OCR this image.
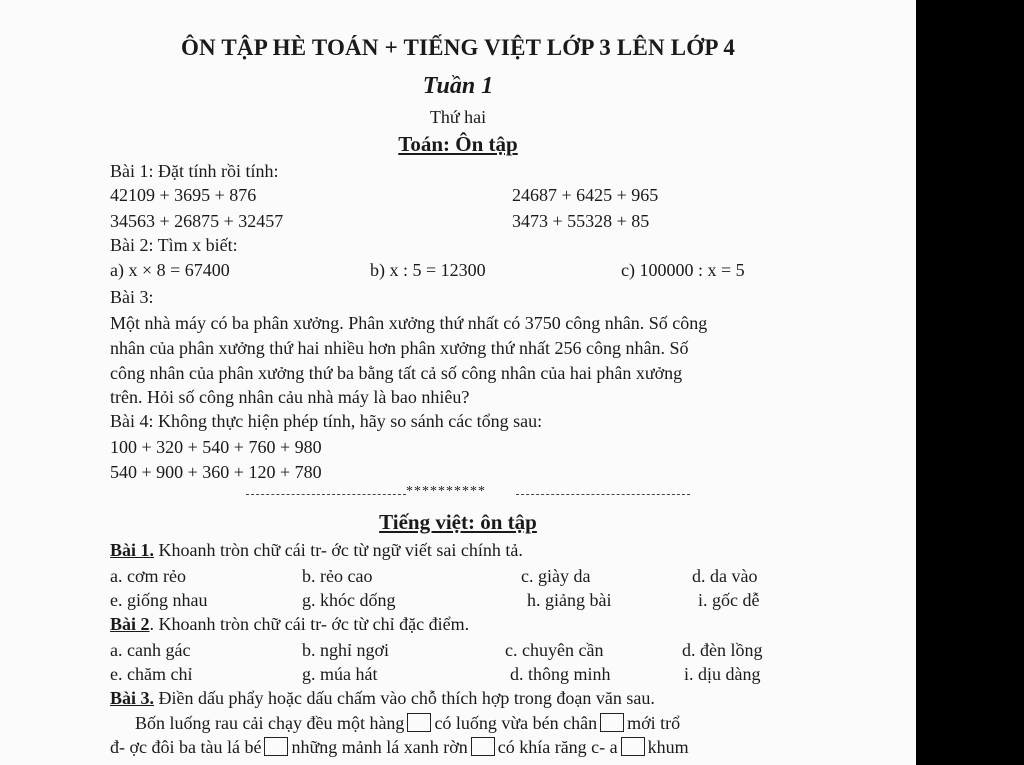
ÔN TẬP HÈ TOÁN + TIẾNG VIỆT LỚP 3 LÊN LỚP 4
Tuần 1
Thứ hai
Toán: Ôn tập
Bài 1: Đặt tính rồi tính:
42109 + 3695 + 876	24687 + 6425 + 965
34563 + 26875 + 32457	3473 + 55328 + 85
Bài 2: Tìm x biết:
a) x × 8 = 67400	b) x : 5 = 12300	c) 100000 : x = 5
Bài 3:
Một nhà máy có ba phân xưởng. Phân xưởng thứ nhất có 3750 công nhân. Số công
nhân của phân xưởng thứ hai nhiều hơn phân xưởng thứ nhất 256 công nhân. Số
công nhân của phân xưởng thứ ba bằng tất cả số công nhân của hai phân xưởng
trên. Hỏi số công nhân cảu nhà máy là bao nhiêu?
Bài 4: Không thực hiện phép tính, hãy so sánh các tổng sau:
100 + 320 + 540 + 760 + 980
540 + 900 + 360 + 120 + 780
**********
Tiếng việt: ôn tập
Bài 1. Khoanh tròn chữ cái tr- ớc từ ngữ viết sai chính tả.
a. cơm rẻo	b. rẻo cao	c. giày da	d. da vào
e. giống nhau	g. khóc dống	h. giảng bài	i. gốc dễ
Bài 2. Khoanh tròn chữ cái tr- ớc từ chỉ đặc điểm.
a. canh gác	b. nghỉ ngơi	c. chuyên cần	d. đèn lồng
e. chăm chỉ	g. múa hát	d. thông minh	i. dịu dàng
Bài 3. Điền dấu phẩy hoặc dấu chấm vào chỗ thích hợp trong đoạn văn sau.
Bốn luống rau cải chạy đều một hàng có luống vừa bén chân mới trổ
đ- ợc đôi ba tàu lá bé những mảnh lá xanh rờn có khía răng c- a khum
